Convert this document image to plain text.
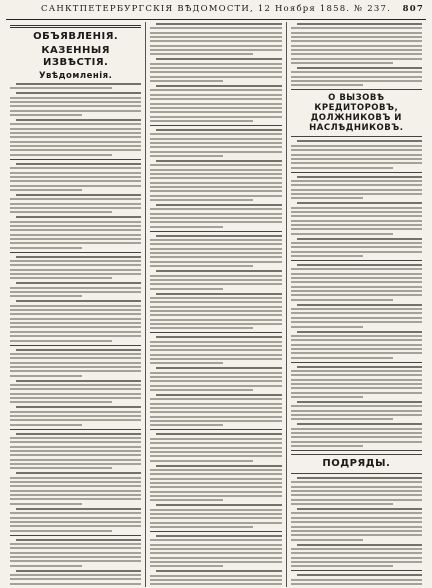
САНКТПЕТЕРБУРГСКІЯ ВѢДОМОСТИ, 12 Ноября 1858. № 237.	807
ОБЪЯВЛЕНІЯ.
КАЗЕННЫЯ ИЗВѢСТІЯ.
Увѣдомленія.
О ВЫЗОВѢ КРЕДИТОРОВЪ, ДОЛЖНИКОВЪ И НАСЛѢДНИКОВЪ.
ПОДРЯДЫ.
